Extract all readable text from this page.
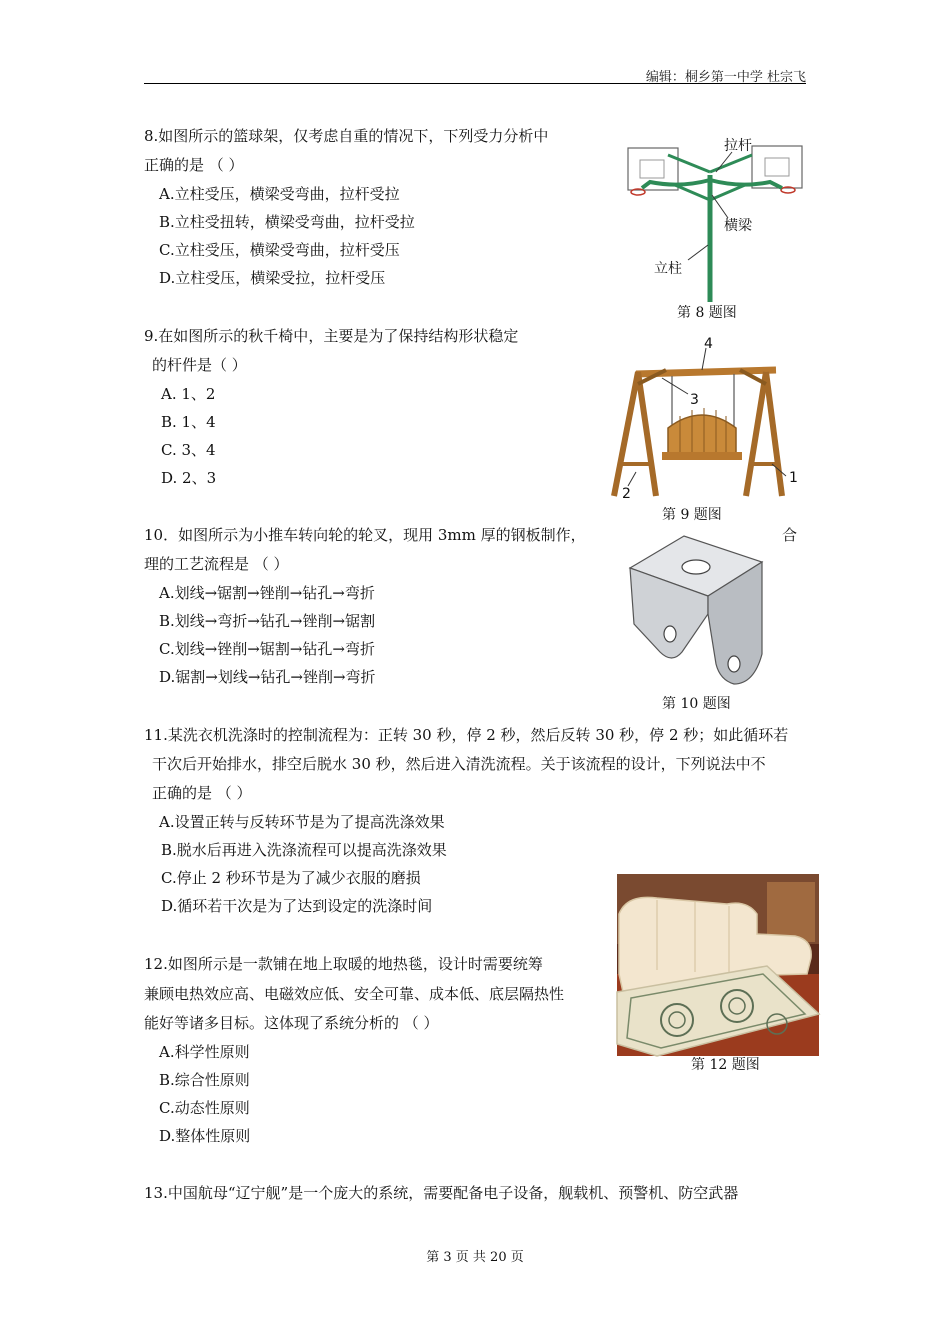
编辑：桐乡第一中学 杜宗飞
8.如图所示的篮球架，仅考虑自重的情况下，下列受力分析中
正确的是 （ ）
A.立柱受压，横梁受弯曲，拉杆受拉
B.立柱受扭转，横梁受弯曲，拉杆受拉
C.立柱受压，横梁受弯曲，拉杆受压
D.立柱受压，横梁受拉，拉杆受压
拉杆
横梁
立柱
第 8 题图
9.在如图所示的秋千椅中，主要是为了保持结构形状稳定
的杆件是（ ）
A. 1、2
B. 1、4
C. 3、4
D. 2、3
4
3
1
2
第 9 题图
10．如图所示为小推车转向轮的轮叉，现用 3mm 厚的钢板制作，	合
理的工艺流程是 （ ）
A.划线→锯割→锉削→钻孔→弯折
B.划线→弯折→钻孔→锉削→锯割
C.划线→锉削→锯割→钻孔→弯折
D.锯割→划线→钻孔→锉削→弯折
第 10 题图
11.某洗衣机洗涤时的控制流程为：正转 30 秒，停 2 秒，然后反转 30 秒，停 2 秒；如此循环若
干次后开始排水，排空后脱水 30 秒，然后进入清洗流程。关于该流程的设计，下列说法中不
正确的是 （ ）
A.设置正转与反转环节是为了提高洗涤效果
B.脱水后再进入洗涤流程可以提高洗涤效果
C.停止 2 秒环节是为了减少衣服的磨损
D.循环若干次是为了达到设定的洗涤时间
第 12 题图
12.如图所示是一款铺在地上取暖的地热毯，设计时需要统筹
兼顾电热效应高、电磁效应低、安全可靠、成本低、底层隔热性
能好等诸多目标。这体现了系统分析的 （ ）
A.科学性原则
B.综合性原则
C.动态性原则
D.整体性原则
13.中国航母“辽宁舰”是一个庞大的系统，需要配备电子设备，舰载机、预警机、防空武器
第 3 页 共 20 页
